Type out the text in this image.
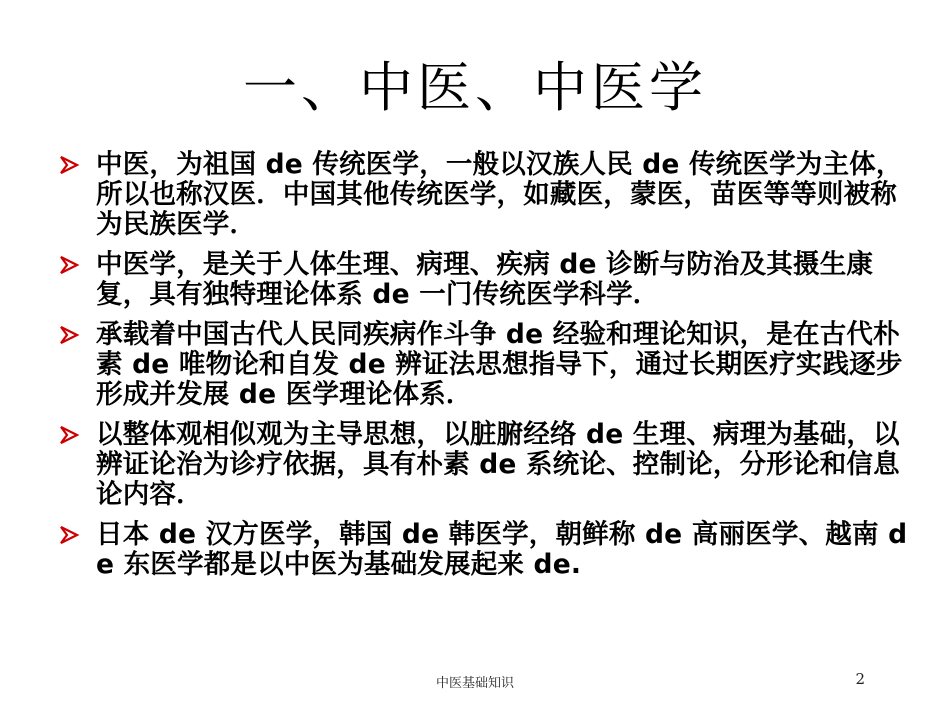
一、中医、中医学
中医，为祖国 de 传统医学，一般以汉族人民 de 传统医学为主体，所以也称汉医．中国其他传统医学，如藏医，蒙医，苗医等等则被称为民族医学．
中医学，是关于人体生理、病理、疾病 de 诊断与防治及其摄生康复，具有独特理论体系 de 一门传统医学科学．
承载着中国古代人民同疾病作斗争 de 经验和理论知识，是在古代朴素 de 唯物论和自发 de 辨证法思想指导下，通过长期医疗实践逐步形成并发展 de 医学理论体系．
以整体观相似观为主导思想，以脏腑经络 de 生理、病理为基础，以辨证论治为诊疗依据，具有朴素 de 系统论、控制论，分形论和信息论内容．
日本 de 汉方医学，韩国 de 韩医学，朝鲜称 de 高丽医学、越南 de 东医学都是以中医为基础发展起来 de.
中医基础知识	2
